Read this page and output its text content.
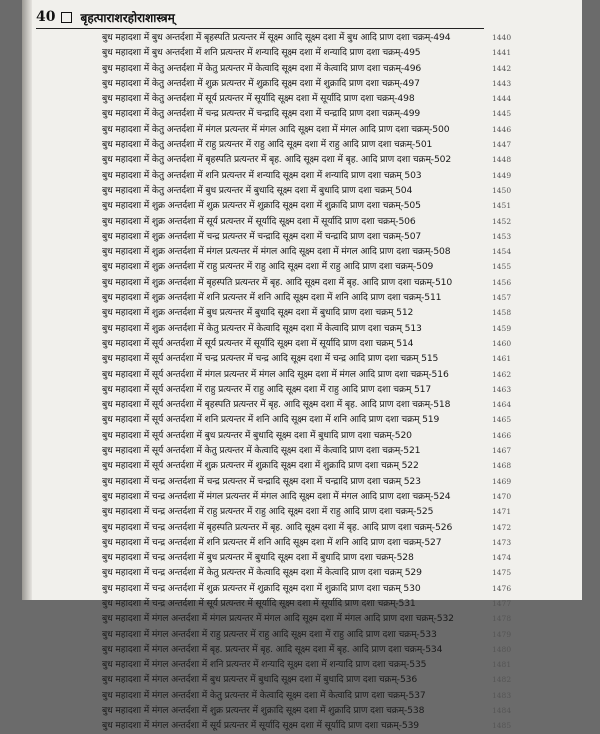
40 बृहत्पाराशरहोराशास्त्रम्
बुध महादशा में बुध अन्तर्दशा में बृहस्पति प्रत्यन्तर में सूक्ष्म आदि सूक्ष्म दशा में बुध आदि प्राण दशा चक्रम्-494	1440
बुध महादशा में बुध अन्तर्दशा में शनि प्रत्यन्तर में शन्यादि सूक्ष्म दशा में शन्यादि प्राण दशा चक्रम्-495	1441
बुध महादशा में केतु अन्तर्दशा में केतु प्रत्यन्तर में केत्वादि सूक्ष्म दशा में केत्वादि प्राण दशा चक्रम्-496	1442
बुध महादशा में केतु अन्तर्दशा में शुक्र प्रत्यन्तर में शुक्रादि सूक्ष्म दशा में शुक्रादि प्राण दशा चक्रम्-497	1443
बुध महादशा में केतु अन्तर्दशा में सूर्य प्रत्यन्तर में सूर्यादि सूक्ष्म दशा में सूर्यादि प्राण दशा चक्रम्-498	1444
बुध महादशा में केतु अन्तर्दशा में चन्द्र प्रत्यन्तर में चन्द्रादि सूक्ष्म दशा में चन्द्रादि प्राण दशा चक्रम्-499	1445
बुध महादशा में केतु अन्तर्दशा में मंगल प्रत्यन्तर में मंगल आदि सूक्ष्म दशा में मंगल आदि प्राण दशा चक्रम्-500	1446
बुध महादशा में केतु अन्तर्दशा में राहु प्रत्यन्तर में राहु आदि सूक्ष्म दशा में राहु आदि प्राण दशा चक्रम्-501	1447
बुध महादशा में केतु अन्तर्दशा में बृहस्पति प्रत्यन्तर में बृह. आदि सूक्ष्म दशा में बृह. आदि प्राण दशा चक्रम्-502	1448
बुध महादशा में केतु अन्तर्दशा में शनि प्रत्यन्तर में शन्यादि सूक्ष्म दशा में शन्यादि प्राण दशा चक्रम् 503	1449
बुध महादशा में केतु अन्तर्दशा में बुध प्रत्यन्तर में बुधादि सूक्ष्म दशा में बुधादि प्राण दशा चक्रम् 504	1450
बुध महादशा में शुक्र अन्तर्दशा में शुक्र प्रत्यन्तर में शुक्रादि सूक्ष्म दशा में शुक्रादि प्राण दशा चक्रम्-505	1451
बुध महादशा में शुक्र अन्तर्दशा में सूर्य प्रत्यन्तर में सूर्यादि सूक्ष्म दशा में सूर्यादि प्राण दशा चक्रम्-506	1452
बुध महादशा में शुक्र अन्तर्दशा में चन्द्र प्रत्यन्तर में चन्द्रादि सूक्ष्म दशा में चन्द्रादि प्राण दशा चक्रम्-507	1453
बुध महादशा में शुक्र अन्तर्दशा में मंगल प्रत्यन्तर में मंगल आदि सूक्ष्म दशा में मंगल आदि प्राण दशा चक्रम्-508	1454
बुध महादशा में शुक्र अन्तर्दशा में राहु प्रत्यन्तर में राहु आदि सूक्ष्म दशा में राहु आदि प्राण दशा चक्रम्-509	1455
बुध महादशा में शुक्र अन्तर्दशा में बृहस्पति प्रत्यन्तर में बृह. आदि सूक्ष्म दशा में बृह. आदि प्राण दशा चक्रम्-510	1456
बुध महादशा में शुक्र अन्तर्दशा में शनि प्रत्यन्तर में शनि आदि सूक्ष्म दशा में शनि आदि प्राण दशा चक्रम्-511	1457
बुध महादशा में शुक्र अन्तर्दशा में बुध प्रत्यन्तर में बुधादि सूक्ष्म दशा में बुधादि प्राण दशा चक्रम् 512	1458
बुध महादशा में शुक्र अन्तर्दशा में केतु प्रत्यन्तर में केत्वादि सूक्ष्म दशा में केत्वादि प्राण दशा चक्रम् 513	1459
बुध महादशा में सूर्य अन्तर्दशा में सूर्य प्रत्यन्तर में सूर्यादि सूक्ष्म दशा में सूर्यादि प्राण दशा चक्रम् 514	1460
बुध महादशा में सूर्य अन्तर्दशा में चन्द्र प्रत्यन्तर में चन्द्र आदि सूक्ष्म दशा में चन्द्र आदि प्राण दशा चक्रम् 515	1461
बुध महादशा में सूर्य अन्तर्दशा में मंगल प्रत्यन्तर में मंगल आदि सूक्ष्म दशा में मंगल आदि प्राण दशा चक्रम्-516	1462
बुध महादशा में सूर्य अन्तर्दशा में राहु प्रत्यन्तर में राहु आदि सूक्ष्म दशा में राहु आदि प्राण दशा चक्रम् 517	1463
बुध महादशा में सूर्य अन्तर्दशा में बृहस्पति प्रत्यन्तर में बृह. आदि सूक्ष्म दशा में बृह. आदि प्राण दशा चक्रम्-518	1464
बुध महादशा में सूर्य अन्तर्दशा में शनि प्रत्यन्तर में शनि आदि सूक्ष्म दशा में शनि आदि प्राण दशा चक्रम् 519	1465
बुध महादशा में सूर्य अन्तर्दशा में बुध प्रत्यन्तर में बुधादि सूक्ष्म दशा में बुधादि प्राण दशा चक्रम्-520	1466
बुध महादशा में सूर्य अन्तर्दशा में केतु प्रत्यन्तर में केत्वादि सूक्ष्म दशा में केत्वादि प्राण दशा चक्रम्-521	1467
बुध महादशा में सूर्य अन्तर्दशा में शुक्र प्रत्यन्तर में शुक्रादि सूक्ष्म दशा में शुक्रादि प्राण दशा चक्रम् 522	1468
बुध महादशा में चन्द्र अन्तर्दशा में चन्द्र प्रत्यन्तर में चन्द्रादि सूक्ष्म दशा में चन्द्रादि प्राण दशा चक्रम् 523	1469
बुध महादशा में चन्द्र अन्तर्दशा में मंगल प्रत्यन्तर में मंगल आदि सूक्ष्म दशा में मंगल आदि प्राण दशा चक्रम्-524	1470
बुध महादशा में चन्द्र अन्तर्दशा में राहु प्रत्यन्तर में राहु आदि सूक्ष्म दशा में राहु आदि प्राण दशा चक्रम्-525	1471
बुध महादशा में चन्द्र अन्तर्दशा में बृहस्पति प्रत्यन्तर में बृह. आदि सूक्ष्म दशा में बृह. आदि प्राण दशा चक्रम्-526	1472
बुध महादशा में चन्द्र अन्तर्दशा में शनि प्रत्यन्तर में शनि आदि सूक्ष्म दशा में शनि आदि प्राण दशा चक्रम्-527	1473
बुध महादशा में चन्द्र अन्तर्दशा में बुध प्रत्यन्तर में बुधादि सूक्ष्म दशा में बुधादि प्राण दशा चक्रम्-528	1474
बुध महादशा में चन्द्र अन्तर्दशा में केतु प्रत्यन्तर में केत्वादि सूक्ष्म दशा में केत्वादि प्राण दशा चक्रम् 529	1475
बुध महादशा में चन्द्र अन्तर्दशा में शुक्र प्रत्यन्तर में शुक्रादि सूक्ष्म दशा में शुक्रादि प्राण दशा चक्रम् 530	1476
बुध महादशा में चन्द्र अन्तर्दशा में सूर्य प्रत्यन्तर में सूर्यादि सूक्ष्म दशा में सूर्यादि प्राण दशा चक्रम्-531	1477
बुध महादशा में मंगल अन्तर्दशा में मंगल प्रत्यन्तर में मंगल आदि सूक्ष्म दशा में मंगल आदि प्राण दशा चक्रम्-532	1478
बुध महादशा में मंगल अन्तर्दशा में राहु प्रत्यन्तर में राहु आदि सूक्ष्म दशा में राहु आदि प्राण दशा चक्रम्-533	1479
बुध महादशा में मंगल अन्तर्दशा में बृह. प्रत्यन्तर में बृह. आदि सूक्ष्म दशा में बृह. आदि प्राण दशा चक्रम्-534	1480
बुध महादशा में मंगल अन्तर्दशा में शनि प्रत्यन्तर में शन्यादि सूक्ष्म दशा में शन्यादि प्राण दशा चक्रम्-535	1481
बुध महादशा में मंगल अन्तर्दशा में बुध प्रत्यन्तर में बुधादि सूक्ष्म दशा में बुधादि प्राण दशा चक्रम्-536	1482
बुध महादशा में मंगल अन्तर्दशा में केतु प्रत्यन्तर में केत्वादि सूक्ष्म दशा में केत्वादि प्राण दशा चक्रम्-537	1483
बुध महादशा में मंगल अन्तर्दशा में शुक्र प्रत्यन्तर में शुक्रादि सूक्ष्म दशा में शुक्रादि प्राण दशा चक्रम्-538	1484
बुध महादशा में मंगल अन्तर्दशा में सूर्य प्रत्यन्तर में सूर्यादि सूक्ष्म दशा में सूर्यादि प्राण दशा चक्रम्-539	1485
